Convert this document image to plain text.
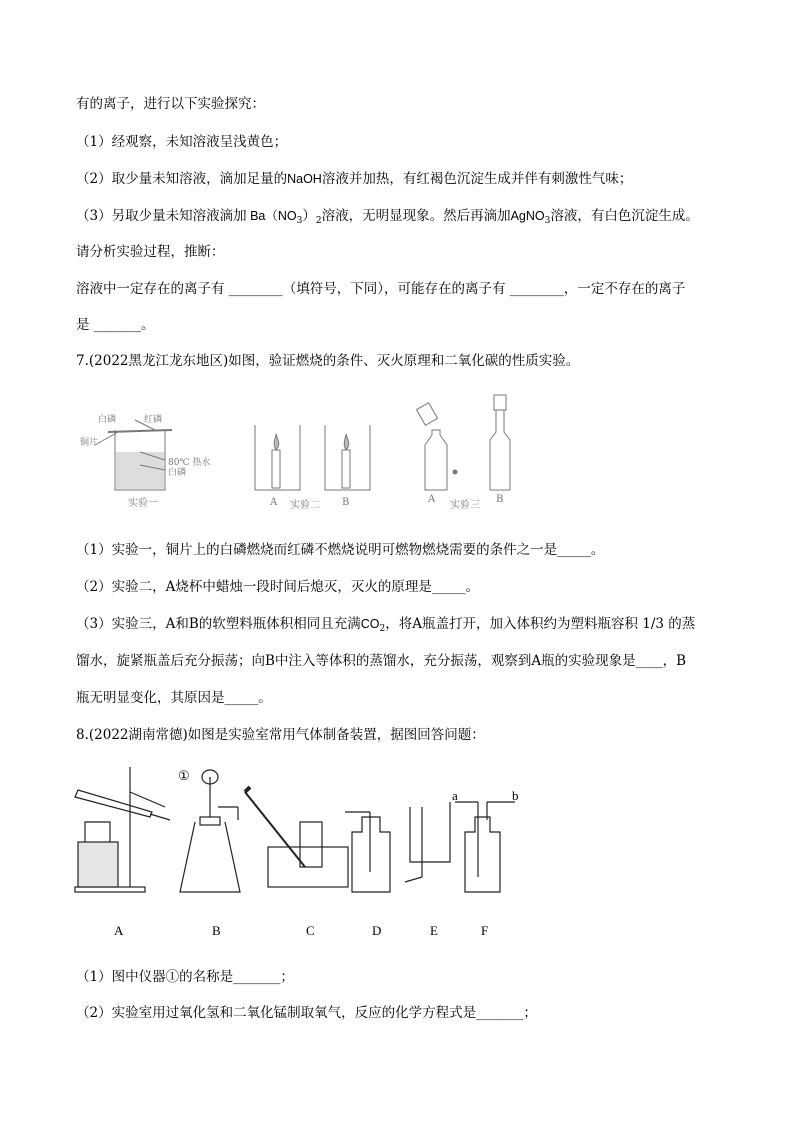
有的离子，进行以下实验探究：
（1）经观察，未知溶液呈浅黄色；
（2）取少量未知溶液，滴加足量的NaOH溶液并加热，有红褐色沉淀生成并伴有刺激性气味；
（3）另取少量未知溶液滴加 $Ba(NO_3)_2$溶液，无明显现象。然后再滴加AgNO$_3$溶液，有白色沉淀生成。
请分析实验过程，推断：
溶液中一定存在的离子有 ________（填符号，下同），可能存在的离子有 ________，一定不存在的离子
是 _______。
7.(2022黑龙江龙东地区)如图，验证燃烧的条件、灭火原理和二氧化碳的性质实验。
铜片
白磷	红磷
80℃ 热水
白磷
实验一	A	B
实验二
A	B
实验三
（1）实验一，铜片上的白磷燃烧而红磷不燃烧说明可燃物燃烧需要的条件之一是_____。
（2）实验二，A烧杯中蜡烛一段时间后熄灭，灭火的原理是_____。
（3）实验三，A和B的软塑料瓶体积相同且充满$CO_2$，将A瓶盖打开，加入体积约为塑料瓶容积 1/3 的蒸
馏水，旋紧瓶盖后充分振荡；向B中注入等体积的蒸馏水，充分振荡，观察到A瓶的实验现象是____，B
瓶无明显变化，其原因是_____。
8.(2022湖南常德)如图是实验室常用气体制备装置，据图回答问题：
①
a	b
A	B	C	D	E	F
（1）图中仪器①的名称是_______；
（2）实验室用过氧化氢和二氧化锰制取氧气，反应的化学方程式是_______；
